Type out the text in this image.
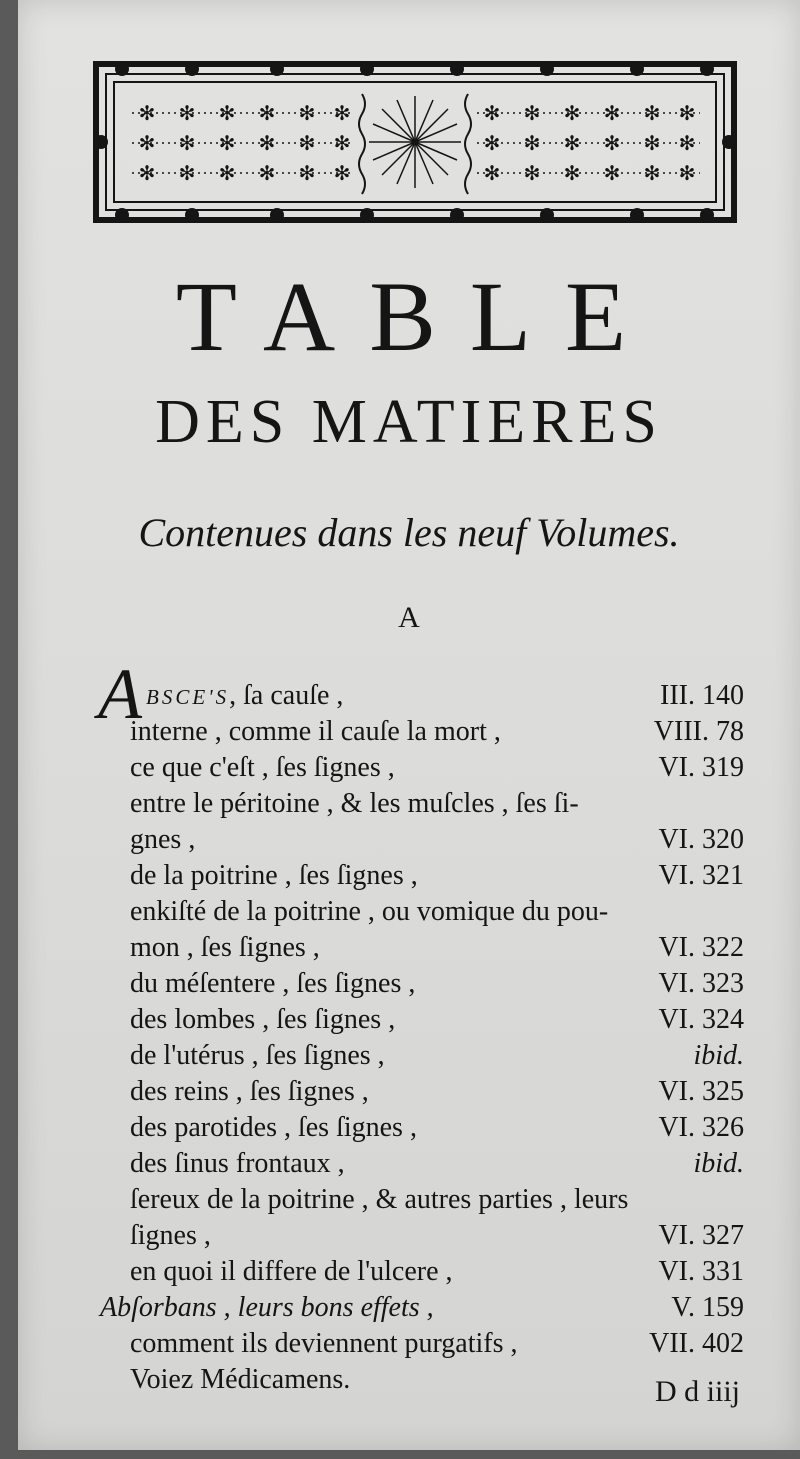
✻ ✻ ✻ ✻ ✻ ✻
✻ ✻ ✻ ✻ ✻ ✻
✻ ✻ ✻ ✻ ✻ ✻
✻ ✻ ✻ ✻ ✻ ✻
✻ ✻ ✻ ✻ ✻ ✻
✻ ✻ ✻ ✻ ✻ ✻
TABLE
DES MATIERES
Contenues dans les neuf Volumes.
A
A BSCE'S, ſa cauſe ,	III. 140
interne , comme il cauſe la mort ,	VIII. 78
ce que c'eſt , ſes ſignes ,	VI. 319
entre le péritoine , & les muſcles , ſes ſi-
gnes ,	VI. 320
de la poitrine , ſes ſignes ,	VI. 321
enkiſté de la poitrine , ou vomique du pou-
mon , ſes ſignes ,	VI. 322
du méſentere , ſes ſignes ,	VI. 323
des lombes , ſes ſignes ,	VI. 324
de l'utérus , ſes ſignes ,	ibid.
des reins , ſes ſignes ,	VI. 325
des parotides , ſes ſignes ,	VI. 326
des ſinus frontaux ,	ibid.
ſereux de la poitrine , & autres parties , leurs
ſignes ,	VI. 327
en quoi il differe de l'ulcere ,	VI. 331
Abſorbans , leurs bons effets ,	V. 159
comment ils deviennent purgatifs ,	VII. 402
Voiez Médicamens.	D d iiij
